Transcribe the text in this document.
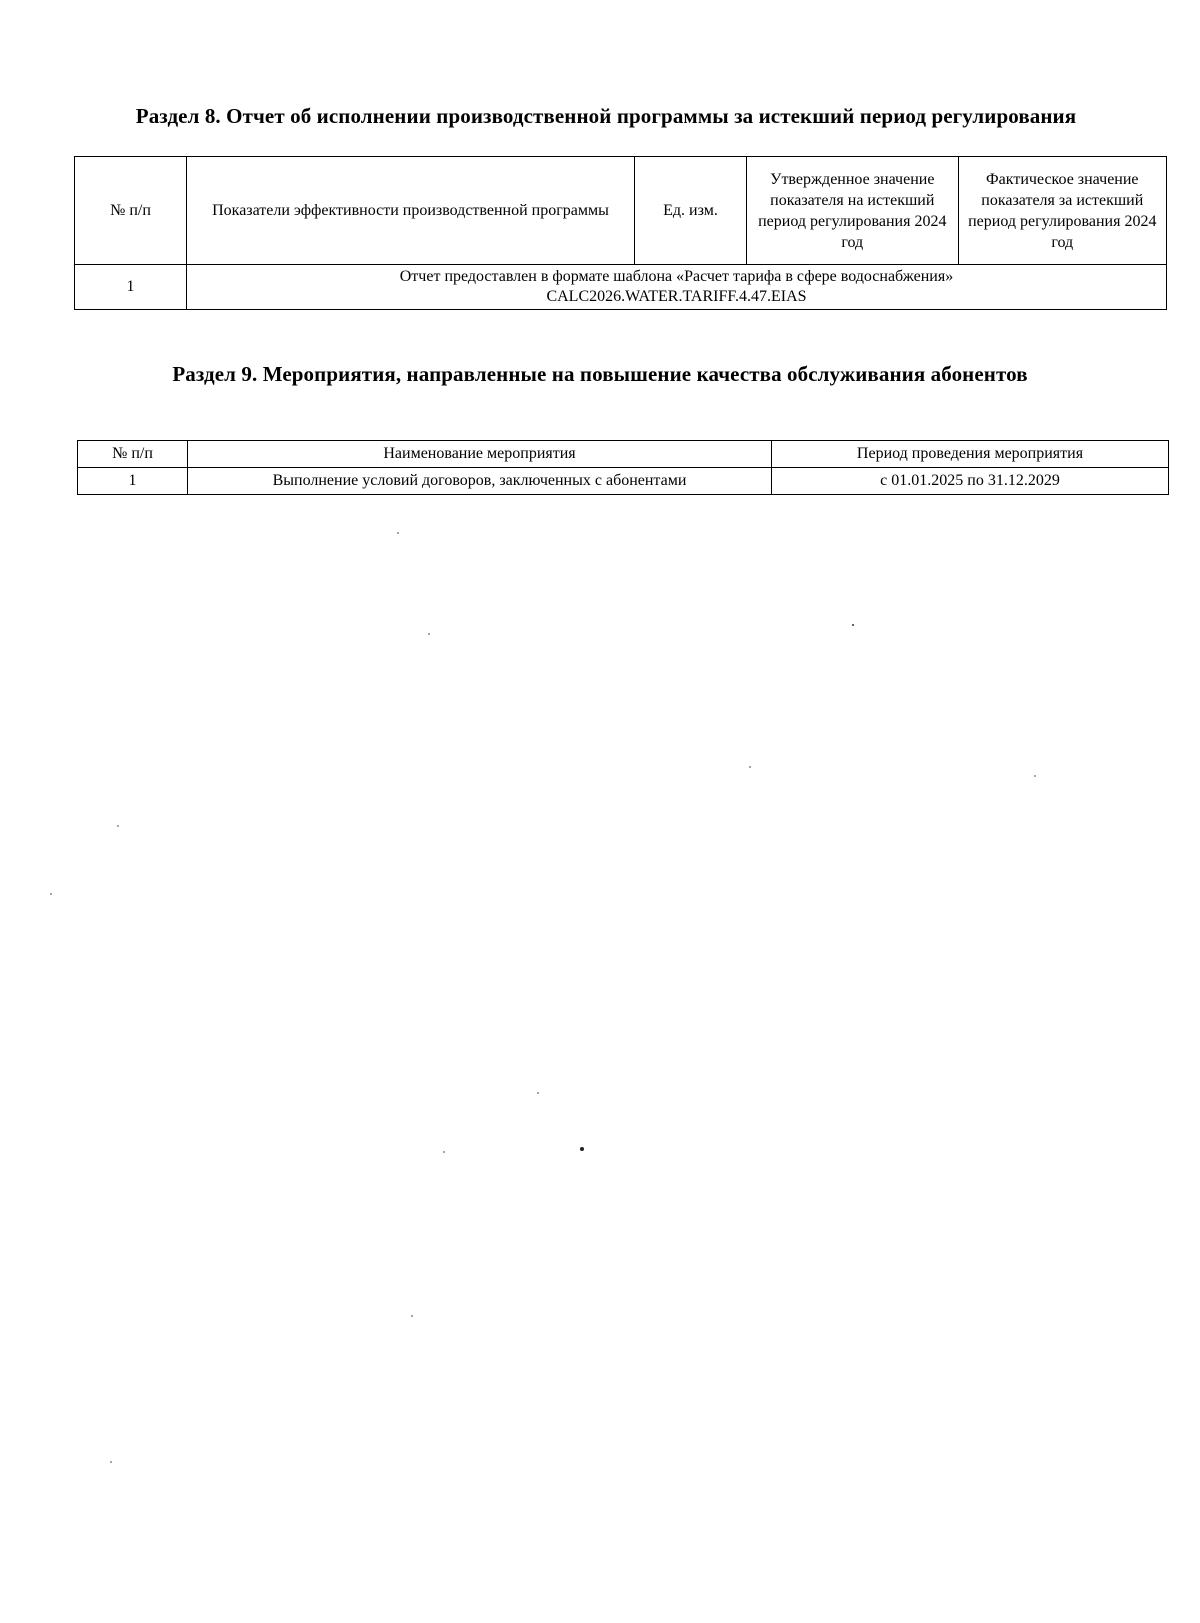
Раздел 8. Отчет об исполнении производственной программы за истекший период регулирования
№ п/п	Показатели эффективности производственной программы	Ед. изм.	Утвержденное значение показателя на истекший период регулирования 2024 год	Фактическое значение показателя за истекший период регулирования 2024 год

1	Отчет предоставлен в формате шаблона «Расчет тарифа в сфере водоснабжения»
CALC2026.WATER.TARIFF.4.47.EIAS			
Раздел 9. Мероприятия, направленные на повышение качества обслуживания абонентов
№ п/п	Наименование мероприятия	Период проведения мероприятия
1	Выполнение условий договоров, заключенных с абонентами	с 01.01.2025 по 31.12.2029
